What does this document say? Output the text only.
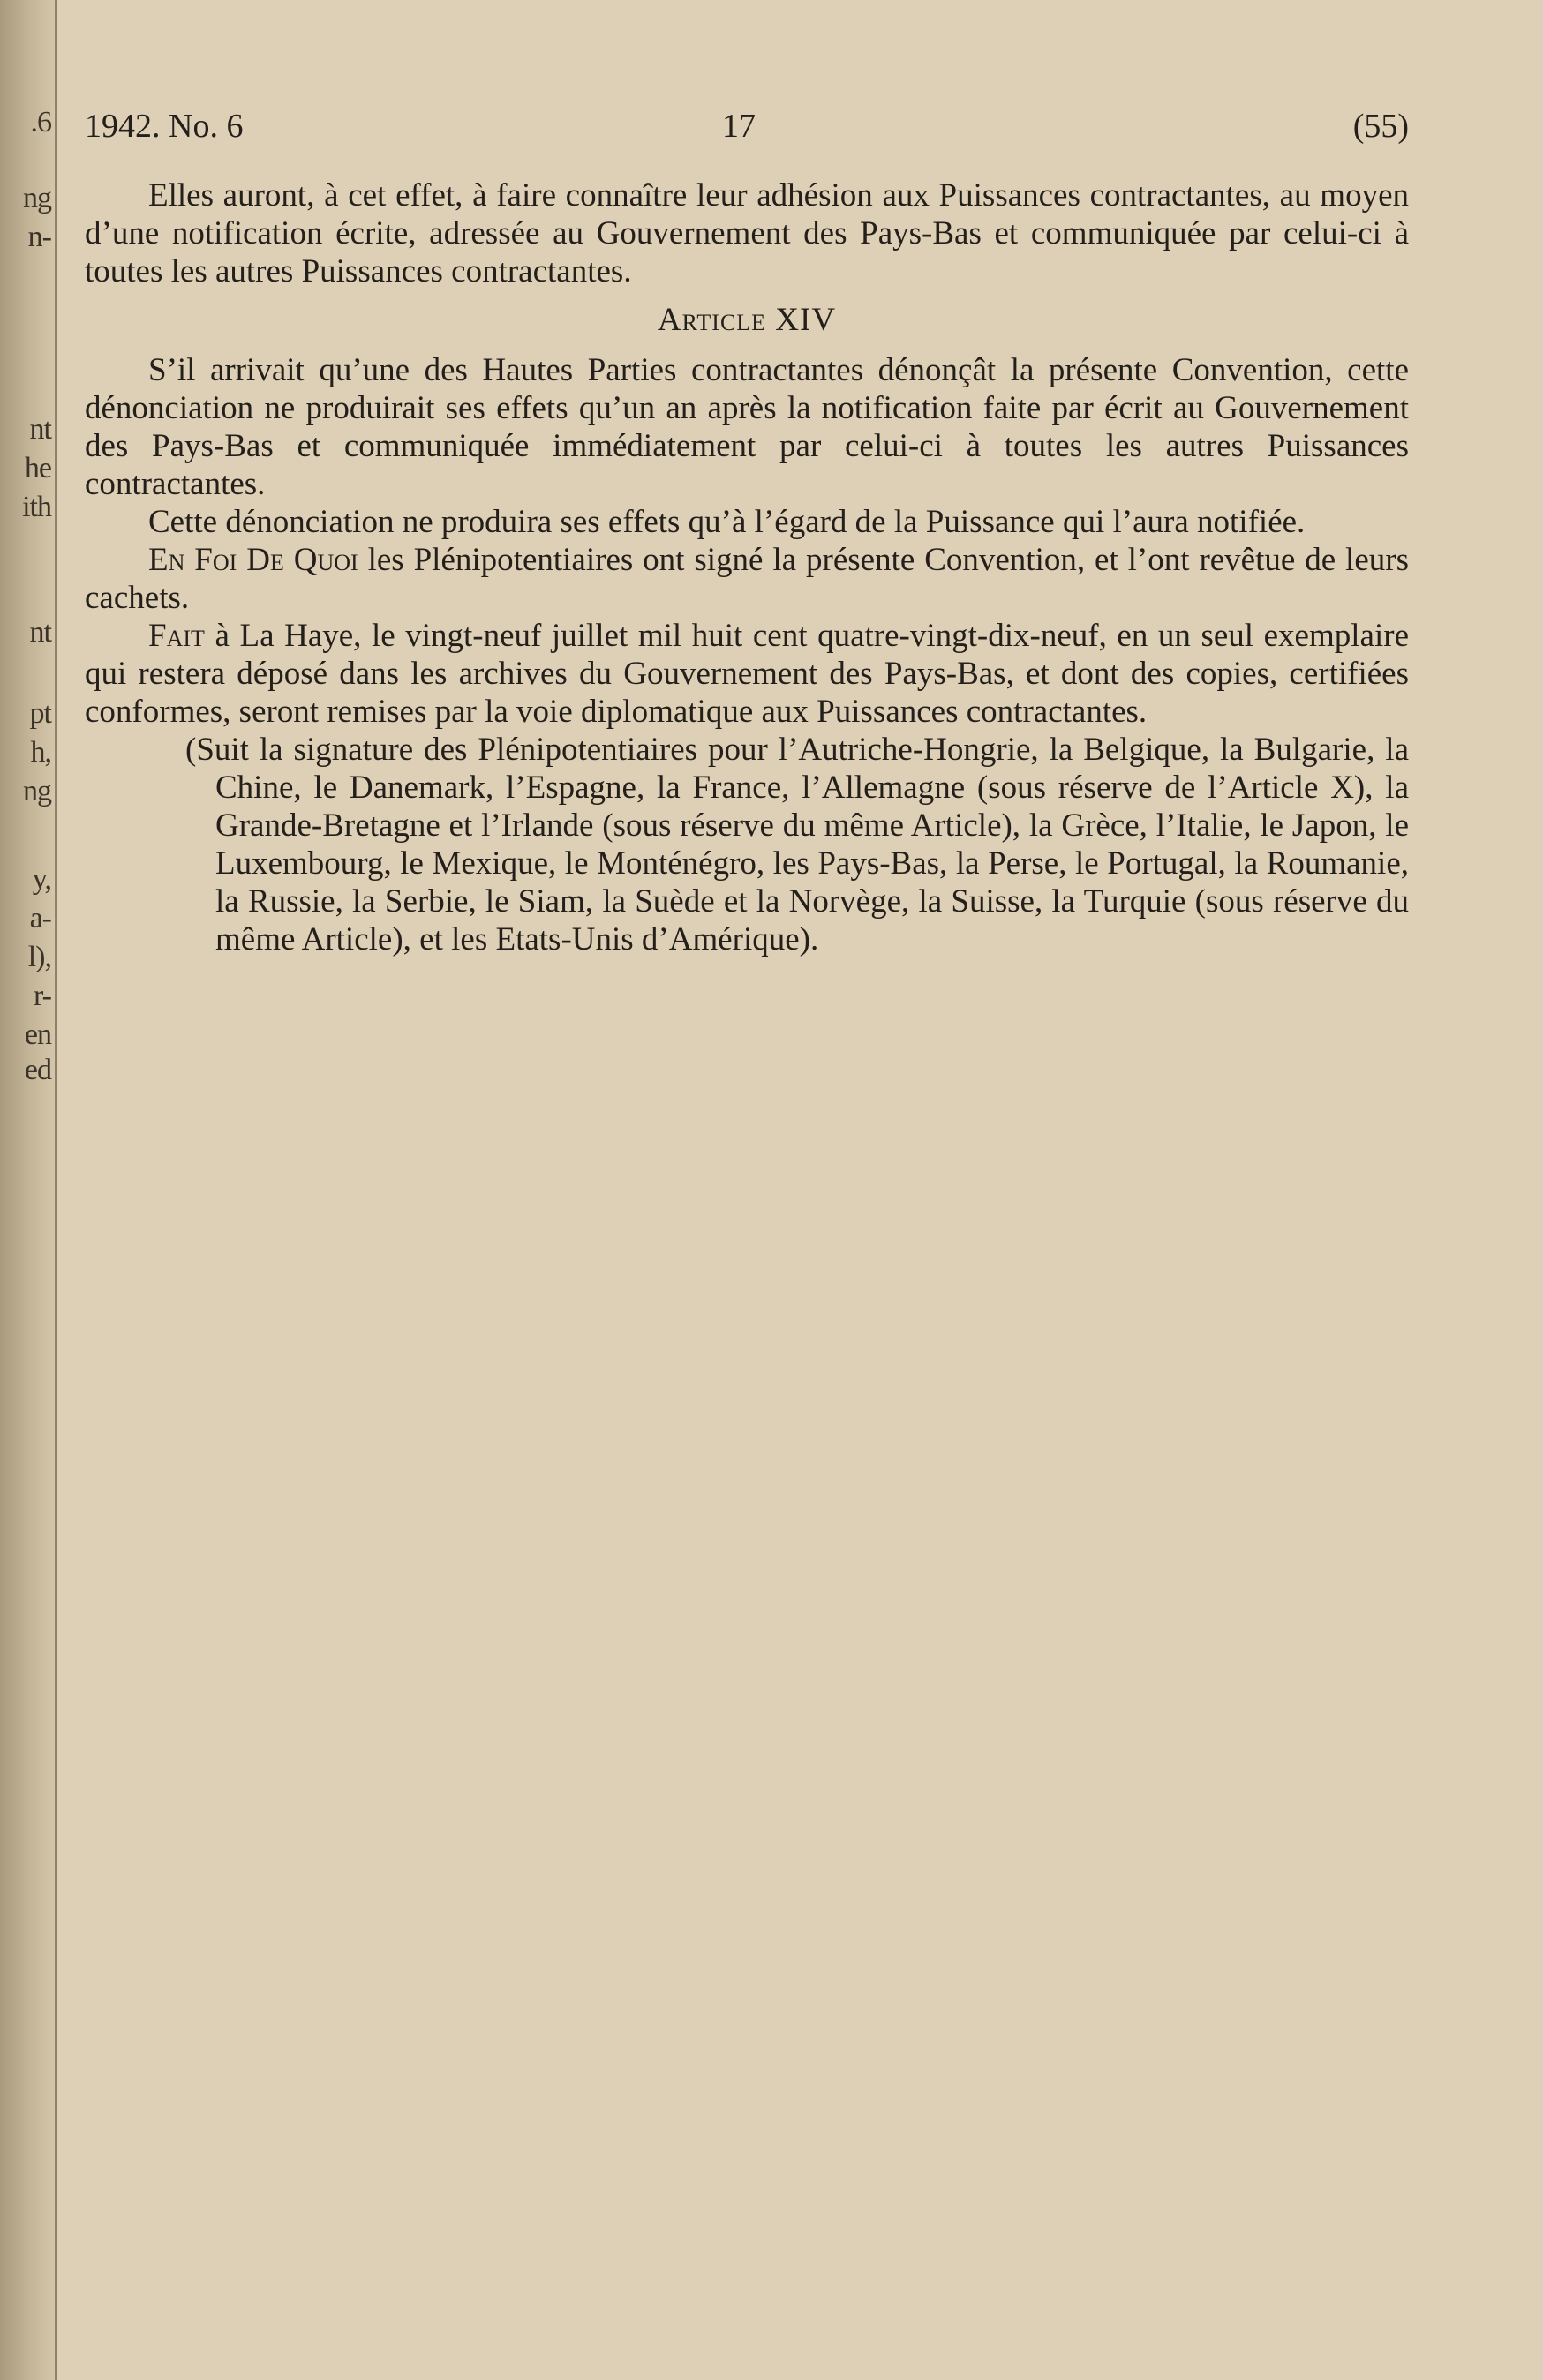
.6
ng
n-
nt
he
ith
nt
pt
h,
ng
y,
a-
l),
r-
en
ed
1942. No. 6	17	(55)

Elles auront, à cet effet, à faire connaître leur adhésion aux Puissances contractantes, au moyen d’une notification écrite, adressée au Gouvernement des Pays-Bas et communiquée par celui-ci à toutes les autres Puissances contractantes.

Article XIV

S’il arrivait qu’une des Hautes Parties contractantes dénonçât la présente Convention, cette dénonciation ne produirait ses effets qu’un an après la notification faite par écrit au Gouvernement des Pays-Bas et communiquée immédiatement par celui-ci à toutes les autres Puissances contractantes.

Cette dénonciation ne produira ses effets qu’à l’égard de la Puissance qui l’aura notifiée.

En Foi De Quoi les Plénipotentiaires ont signé la présente Convention, et l’ont revêtue de leurs cachets.

Fait à La Haye, le vingt-neuf juillet mil huit cent quatre-vingt-dix-neuf, en un seul exemplaire qui restera déposé dans les archives du Gouvernement des Pays-Bas, et dont des copies, certifiées conformes, seront remises par la voie diplomatique aux Puissances contractantes.

(Suit la signature des Plénipotentiaires pour l’Autriche-Hongrie, la Belgique, la Bulgarie, la Chine, le Danemark, l’Espagne, la France, l’Allemagne (sous réserve de l’Article X), la Grande-Bretagne et l’Irlande (sous réserve du même Article), la Grèce, l’Italie, le Japon, le Luxembourg, le Mexique, le Monténégro, les Pays-Bas, la Perse, le Portugal, la Roumanie, la Russie, la Serbie, le Siam, la Suède et la Norvège, la Suisse, la Turquie (sous réserve du même Article), et les Etats-Unis d’Amérique).
